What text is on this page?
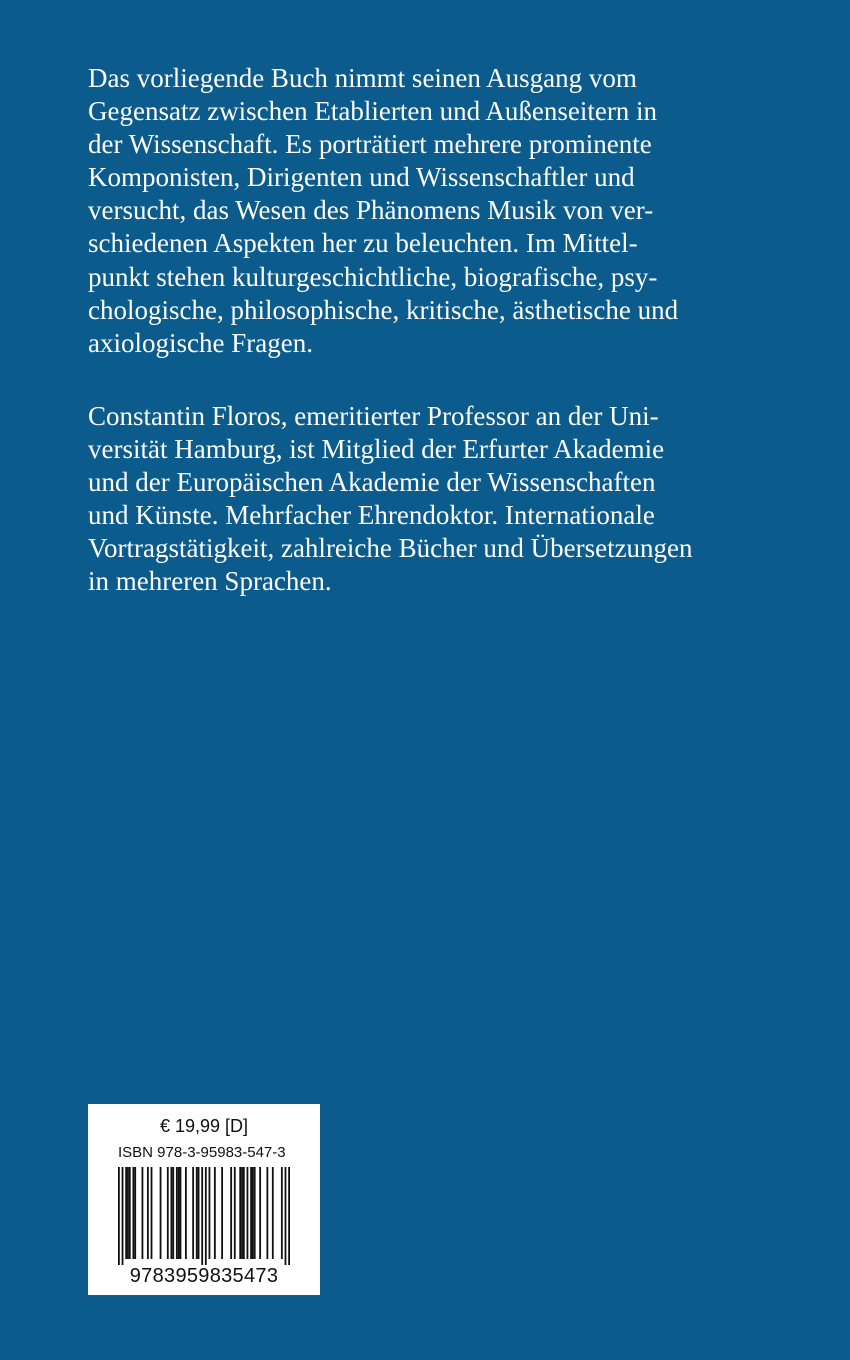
Das vorliegende Buch nimmt seinen Ausgang vom
Gegensatz zwischen Etablierten und Außenseitern in
der Wissenschaft. Es porträtiert mehrere prominente
Komponisten, Dirigenten und Wissenschaftler und
versucht, das Wesen des Phänomens Musik von ver-
schiedenen Aspekten her zu beleuchten. Im Mittel-
punkt stehen kulturgeschichtliche, biografische, psy-
chologische, philosophische, kritische, ästhetische und
axiologische Fragen.
Constantin Floros, emeritierter Professor an der Uni-
versität Hamburg, ist Mitglied der Erfurter Akademie
und der Europäischen Akademie der Wissenschaften
und Künste. Mehrfacher Ehrendoktor. Internationale
Vortragstätigkeit, zahlreiche Bücher und Übersetzungen
in mehreren Sprachen.
€ 19,99 [D]
ISBN 978-3-95983-547-3
9783959835473
